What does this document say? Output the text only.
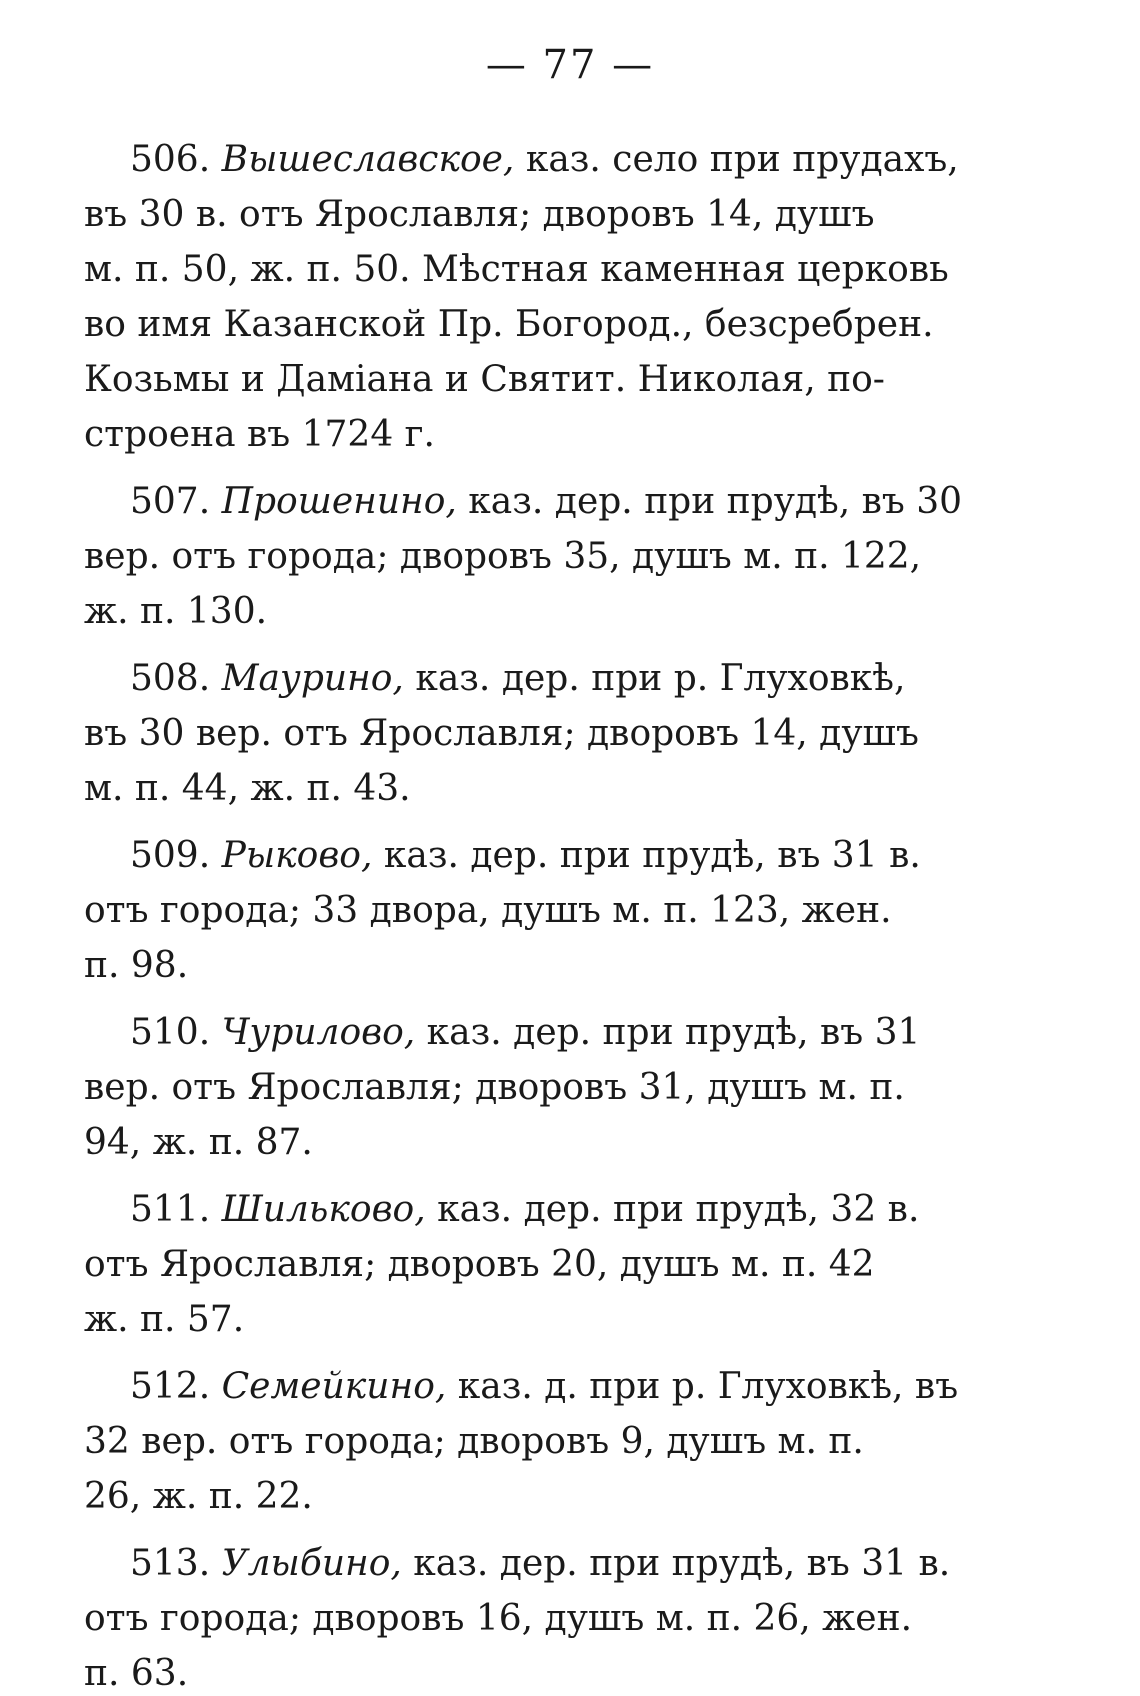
— 77 —
506. Вышеславское, каз. село при прудахъ,
въ 30 в. отъ Ярославля; дворовъ 14, душъ
м. п. 50, ж. п. 50. Мѣстная каменная церковь
во имя Казанской Пр. Богород., безсребрен.
Козьмы и Даміана и Святит. Николая, по-
строена въ 1724 г.
507. Прошенино, каз. дер. при прудѣ, въ 30
вер. отъ города; дворовъ 35, душъ м. п. 122,
ж. п. 130.
508. Маурино, каз. дер. при р. Глуховкѣ,
въ 30 вер. отъ Ярославля; дворовъ 14, душъ
м. п. 44, ж. п. 43.
509. Рыково, каз. дер. при прудѣ, въ 31 в.
отъ города; 33 двора, душъ м. п. 123, жен.
п. 98.
510. Чурилово, каз. дер. при прудѣ, въ 31
вер. отъ Ярославля; дворовъ 31, душъ м. п.
94, ж. п. 87.
511. Шильково, каз. дер. при прудѣ, 32 в.
отъ Ярославля; дворовъ 20, душъ м. п. 42
ж. п. 57.
512. Семейкино, каз. д. при р. Глуховкѣ, въ
32 вер. отъ города; дворовъ 9, душъ м. п.
26, ж. п. 22.
513. Улыбино, каз. дер. при прудѣ, въ 31 в.
отъ города; дворовъ 16, душъ м. п. 26, жен.
п. 63.
